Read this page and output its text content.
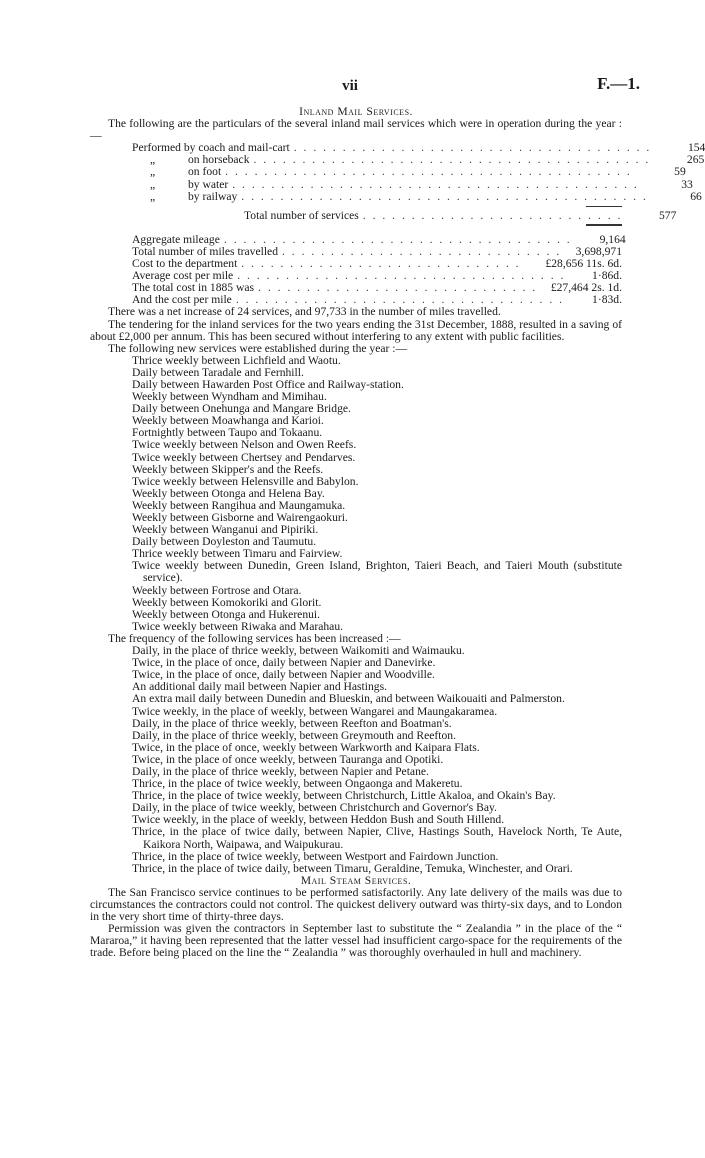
vii	F.—1.
Inland Mail Services.

The following are the particulars of the several inland mail services which were in operation during the year :—

Performed by coach and mail-cart . . . . . . . . . . . . . . . . . . . . . . . . . . . . . . . . . . . . .	154
„	on horseback . . . . . . . . . . . . . . . . . . . . . . . . . . . . . . . . . . . . . . . . .	265
„	on foot . . . . . . . . . . . . . . . . . . . . . . . . . . . . . . . . . . . . . . . . . .	59
„	by water . . . . . . . . . . . . . . . . . . . . . . . . . . . . . . . . . . . . . . . . . .	33
„	by railway . . . . . . . . . . . . . . . . . . . . . . . . . . . . . . . . . . . . . . . . . .	66
Total number of services . . . . . . . . . . . . . . . . . . . . . . . . . . .	577
Aggregate mileage . . . . . . . . . . . . . . . . . . . . . . . . . . . . . . . . . . . .	9,164
Total number of miles travelled . . . . . . . . . . . . . . . . . . . . . . . . . . . . .	3,698,971
Cost to the department . . . . . . . . . . . . . . . . . . . . . . . . . . . . .	£28,656 11s. 6d.
Average cost per mile . . . . . . . . . . . . . . . . . . . . . . . . . . . . . . . . . .	1·86d.
The total cost in 1885 was . . . . . . . . . . . . . . . . . . . . . . . . . . . . .	£27,464 2s. 1d.
And the cost per mile . . . . . . . . . . . . . . . . . . . . . . . . . . . . . . . . . .	1·83d.

There was a net increase of 24 services, and 97,733 in the number of miles travelled.

The tendering for the inland services for the two years ending the 31st December, 1888, resulted in a saving of about £2,000 per annum. This has been secured without interfering to any extent with public facilities.

The following new services were established during the year :—

Thrice weekly between Lichfield and Waotu.

Daily between Taradale and Fernhill.

Daily between Hawarden Post Office and Railway-station.

Weekly between Wyndham and Mimihau.

Daily between Onehunga and Mangare Bridge.

Weekly between Moawhanga and Karioi.

Fortnightly between Taupo and Tokaanu.

Twice weekly between Nelson and Owen Reefs.

Twice weekly between Chertsey and Pendarves.

Weekly between Skipper's and the Reefs.

Twice weekly between Helensville and Babylon.

Weekly between Otonga and Helena Bay.

Weekly between Rangihua and Maungamuka.

Weekly between Gisborne and Wairengaokuri.

Weekly between Wanganui and Pipiriki.

Daily between Doyleston and Taumutu.

Thrice weekly between Timaru and Fairview.

Twice weekly between Dunedin, Green Island, Brighton, Taieri Beach, and Taieri Mouth (substitute service).

Weekly between Fortrose and Otara.

Weekly between Komokoriki and Glorit.

Weekly between Otonga and Hukerenui.

Twice weekly between Riwaka and Marahau.

The frequency of the following services has been increased :—

Daily, in the place of thrice weekly, between Waikomiti and Waimauku.

Twice, in the place of once, daily between Napier and Danevirke.

Twice, in the place of once, daily between Napier and Woodville.

An additional daily mail between Napier and Hastings.

An extra mail daily between Dunedin and Blueskin, and between Waikouaiti and Palmerston.

Twice weekly, in the place of weekly, between Wangarei and Maungakaramea.

Daily, in the place of thrice weekly, between Reefton and Boatman's.

Daily, in the place of thrice weekly, between Greymouth and Reefton.

Twice, in the place of once, weekly between Warkworth and Kaipara Flats.

Twice, in the place of once weekly, between Tauranga and Opotiki.

Daily, in the place of thrice weekly, between Napier and Petane.

Thrice, in the place of twice weekly, between Ongaonga and Makeretu.

Thrice, in the place of twice weekly, between Christchurch, Little Akaloa, and Okain's Bay.

Daily, in the place of twice weekly, between Christchurch and Governor's Bay.

Twice weekly, in the place of weekly, between Heddon Bush and South Hillend.

Thrice, in the place of twice daily, between Napier, Clive, Hastings South, Havelock North, Te Aute, Kaikora North, Waipawa, and Waipukurau.

Thrice, in the place of twice weekly, between Westport and Fairdown Junction.

Thrice, in the place of twice daily, between Timaru, Geraldine, Temuka, Winchester, and Orari.

Mail Steam Services.

The San Francisco service continues to be performed satisfactorily. Any late delivery of the mails was due to circumstances the contractors could not control. The quickest delivery outward was thirty-six days, and to London in the very short time of thirty-three days.

Permission was given the contractors in September last to substitute the “ Zealandia ” in the place of the “ Mararoa,” it having been represented that the latter vessel had insufficient cargo-space for the requirements of the trade. Before being placed on the line the “ Zealandia ” was thoroughly overhauled in hull and machinery.
